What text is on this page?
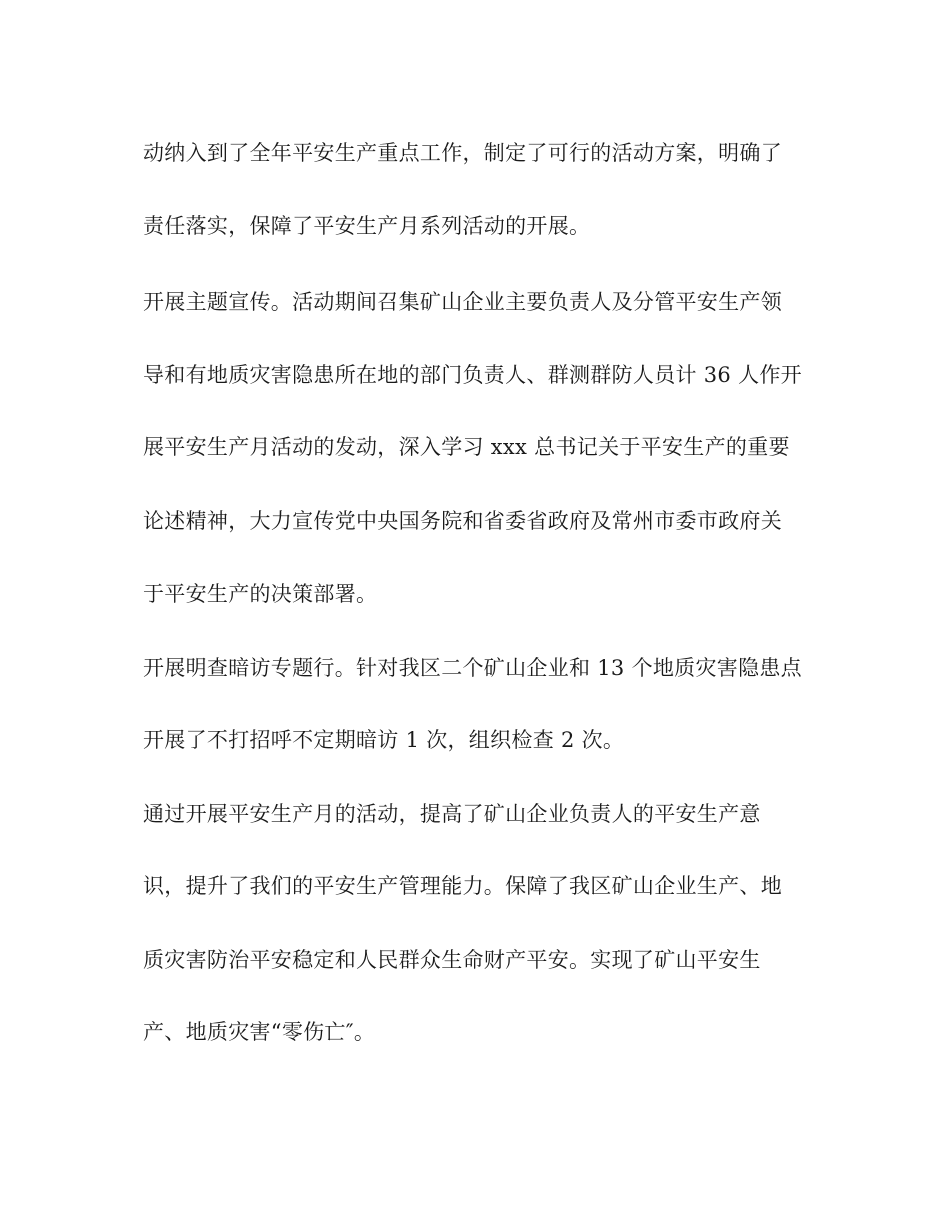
动纳入到了全年平安生产重点工作，制定了可行的活动方案，明确了
责任落实，保障了平安生产月系列活动的开展。
开展主题宣传。活动期间召集矿山企业主要负责人及分管平安生产领
导和有地质灾害隐患所在地的部门负责人、群测群防人员计 36 人作开
展平安生产月活动的发动，深入学习 xxx 总书记关于平安生产的重要
论述精神，大力宣传党中央国务院和省委省政府及常州市委市政府关
于平安生产的决策部署。
开展明查暗访专题行。针对我区二个矿山企业和 13 个地质灾害隐患点
开展了不打招呼不定期暗访 1 次，组织检查 2 次。
通过开展平安生产月的活动，提高了矿山企业负责人的平安生产意
识，提升了我们的平安生产管理能力。保障了我区矿山企业生产、地
质灾害防治平安稳定和人民群众生命财产平安。实现了矿山平安生
产、地质灾害“零伤亡″。
